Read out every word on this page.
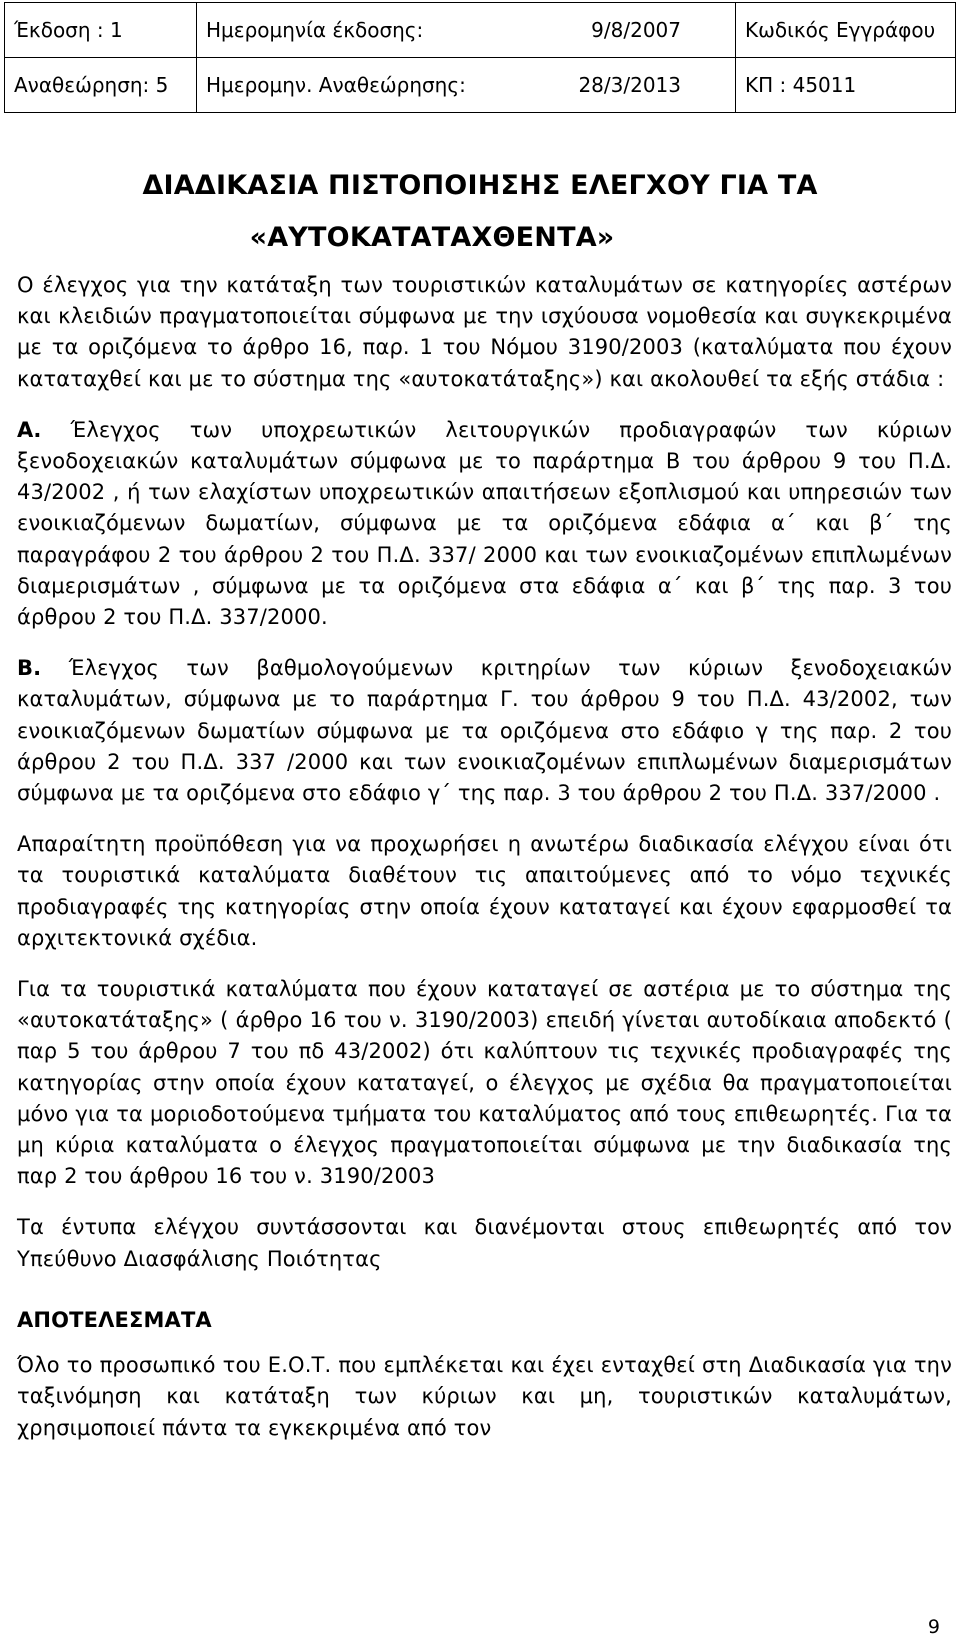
Έκδοση : 1	Ημερομηνία έκδοσης: 9/8/2007	Κωδικός Εγγράφου
Αναθεώρηση: 5	Ημερομην. Αναθεώρησης: 28/3/2013	ΚΠ : 45011
ΔΙΑΔΙΚΑΣΙΑ ΠΙΣΤΟΠΟΙΗΣΗΣ ΕΛΕΓΧΟΥ ΓΙΑ ΤΑ
«ΑΥΤΟΚΑΤΑΤΑΧΘΕΝΤΑ»

Ο έλεγχος για την κατάταξη των τουριστικών καταλυμάτων σε κατηγορίες αστέρων και κλειδιών πραγματοποιείται σύμφωνα με την ισχύουσα νομοθεσία και συγκεκριμένα με τα οριζόμενα το άρθρο 16, παρ. 1 του Νόμου 3190/2003 (καταλύματα που έχουν καταταχθεί και με το σύστημα της «αυτοκατάταξης») και ακολουθεί τα εξής στάδια :

Α. Έλεγχος των υποχρεωτικών λειτουργικών προδιαγραφών των κύριων ξενοδοχειακών καταλυμάτων σύμφωνα με το παράρτημα Β του άρθρου 9 του Π.Δ. 43/2002 , ή των ελαχίστων υποχρεωτικών απαιτήσεων εξοπλισμού και υπηρεσιών των ενοικιαζόμενων δωματίων, σύμφωνα με τα οριζόμενα εδάφια α΄ και β΄ της παραγράφου 2 του άρθρου 2 του Π.Δ. 337/ 2000 και των ενοικιαζομένων επιπλωμένων διαμερισμάτων , σύμφωνα με τα οριζόμενα στα εδάφια α΄ και β΄ της παρ. 3 του άρθρου 2 του Π.Δ. 337/2000.

Β. Έλεγχος των βαθμολογούμενων κριτηρίων των κύριων ξενοδοχειακών καταλυμάτων, σύμφωνα με το παράρτημα Γ. του άρθρου 9 του Π.Δ. 43/2002, των ενοικιαζόμενων δωματίων σύμφωνα με τα οριζόμενα στο εδάφιο γ της παρ. 2 του άρθρου 2 του Π.Δ. 337 /2000 και των ενοικιαζομένων επιπλωμένων διαμερισμάτων σύμφωνα με τα οριζόμενα στο εδάφιο γ΄ της παρ. 3 του άρθρου 2 του Π.Δ. 337/2000 .

Απαραίτητη προϋπόθεση για να προχωρήσει η ανωτέρω διαδικασία ελέγχου είναι ότι τα τουριστικά καταλύματα διαθέτουν τις απαιτούμενες από το νόμο τεχνικές προδιαγραφές της κατηγορίας στην οποία έχουν καταταγεί και έχουν εφαρμοσθεί τα αρχιτεκτονικά σχέδια.

Για τα τουριστικά καταλύματα που έχουν καταταγεί σε αστέρια με το σύστημα της «αυτοκατάταξης» ( άρθρο 16 του ν. 3190/2003) επειδή γίνεται αυτοδίκαια αποδεκτό ( παρ 5 του άρθρου 7 του πδ 43/2002) ότι καλύπτουν τις τεχνικές προδιαγραφές της κατηγορίας στην οποία έχουν καταταγεί, ο έλεγχος με σχέδια θα πραγματοποιείται μόνο για τα μοριοδοτούμενα τμήματα του καταλύματος από τους επιθεωρητές. Για τα μη κύρια καταλύματα ο έλεγχος πραγματοποιείται σύμφωνα με την διαδικασία της παρ 2 του άρθρου 16 του ν. 3190/2003

Τα έντυπα ελέγχου συντάσσονται και διανέμονται στους επιθεωρητές από τον Υπεύθυνο Διασφάλισης Ποιότητας

ΑΠΟΤΕΛΕΣΜΑΤΑ

Όλο το προσωπικό του Ε.Ο.Τ. που εμπλέκεται και έχει ενταχθεί στη Διαδικασία για την ταξινόμηση και κατάταξη των κύριων και μη, τουριστικών καταλυμάτων, χρησιμοποιεί πάντα τα εγκεκριμένα από τον

9
